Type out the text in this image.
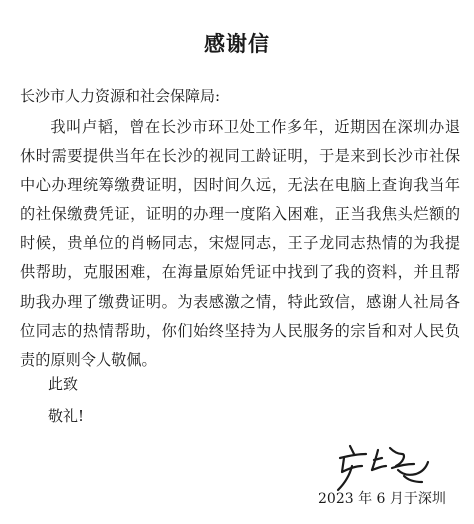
感谢信
长沙市人力资源和社会保障局:
我叫卢韬，曾在长沙市环卫处工作多年，近期因在深圳办退休时需要提供当年在长沙的视同工龄证明，于是来到长沙市社保中心办理统筹缴费证明，因时间久远，无法在电脑上查询我当年的社保缴费凭证，证明的办理一度陷入困难，正当我焦头烂额的时候，贵单位的肖畅同志，宋煜同志，王子龙同志热情的为我提供帮助，克服困难，在海量原始凭证中找到了我的资料，并且帮助我办理了缴费证明。为表感激之情，特此致信，感谢人社局各位同志的热情帮助，你们始终坚持为人民服务的宗旨和对人民负责的原则令人敬佩。
此致
敬礼!
2023 年 6 月于深圳
